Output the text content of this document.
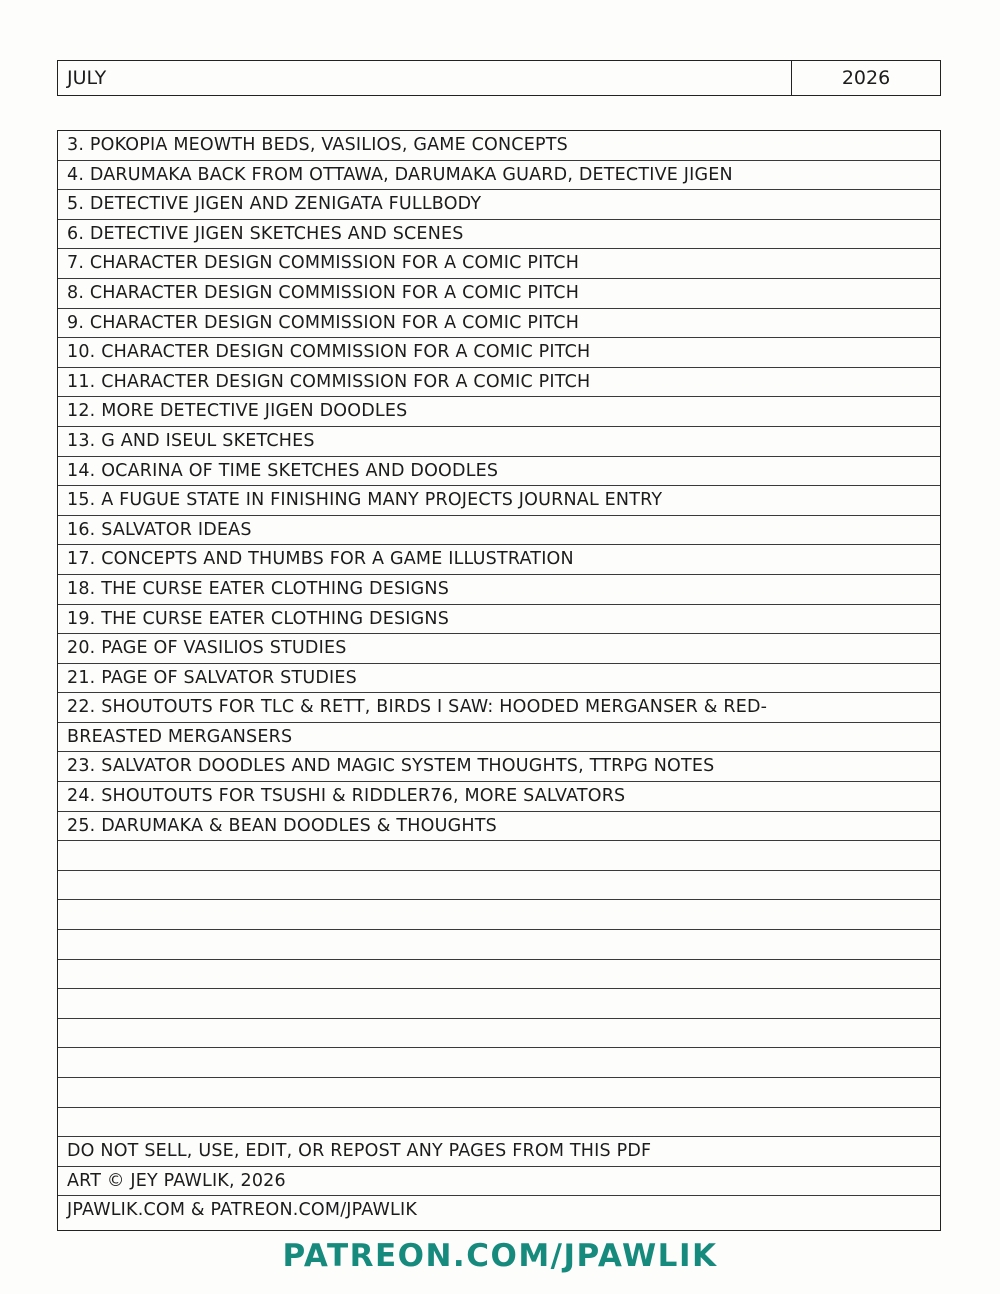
JULY	2026
3. POKOPIA MEOWTH BEDS, VASILIOS, GAME CONCEPTS
4. DARUMAKA BACK FROM OTTAWA, DARUMAKA GUARD, DETECTIVE JIGEN
5. DETECTIVE JIGEN AND ZENIGATA FULLBODY
6. DETECTIVE JIGEN SKETCHES AND SCENES
7. CHARACTER DESIGN COMMISSION FOR A COMIC PITCH
8. CHARACTER DESIGN COMMISSION FOR A COMIC PITCH
9. CHARACTER DESIGN COMMISSION FOR A COMIC PITCH
10. CHARACTER DESIGN COMMISSION FOR A COMIC PITCH
11. CHARACTER DESIGN COMMISSION FOR A COMIC PITCH
12. MORE DETECTIVE JIGEN DOODLES
13. G AND ISEUL SKETCHES
14. OCARINA OF TIME SKETCHES AND DOODLES
15. A FUGUE STATE IN FINISHING MANY PROJECTS JOURNAL ENTRY
16. SALVATOR IDEAS
17. CONCEPTS AND THUMBS FOR A GAME ILLUSTRATION
18. THE CURSE EATER CLOTHING DESIGNS
19. THE CURSE EATER CLOTHING DESIGNS
20. PAGE OF VASILIOS STUDIES
21. PAGE OF SALVATOR STUDIES
22. SHOUTOUTS FOR TLC & RETT, BIRDS I SAW: HOODED MERGANSER & RED-
BREASTED MERGANSERS
23. SALVATOR DOODLES AND MAGIC SYSTEM THOUGHTS, TTRPG NOTES
24. SHOUTOUTS FOR TSUSHI & RIDDLER76, MORE SALVATORS
25. DARUMAKA & BEAN DOODLES & THOUGHTS
DO NOT SELL, USE, EDIT, OR REPOST ANY PAGES FROM THIS PDF
ART © JEY PAWLIK, 2026
JPAWLIK.COM & PATREON.COM/JPAWLIK
PATREON.COM/JPAWLIK
